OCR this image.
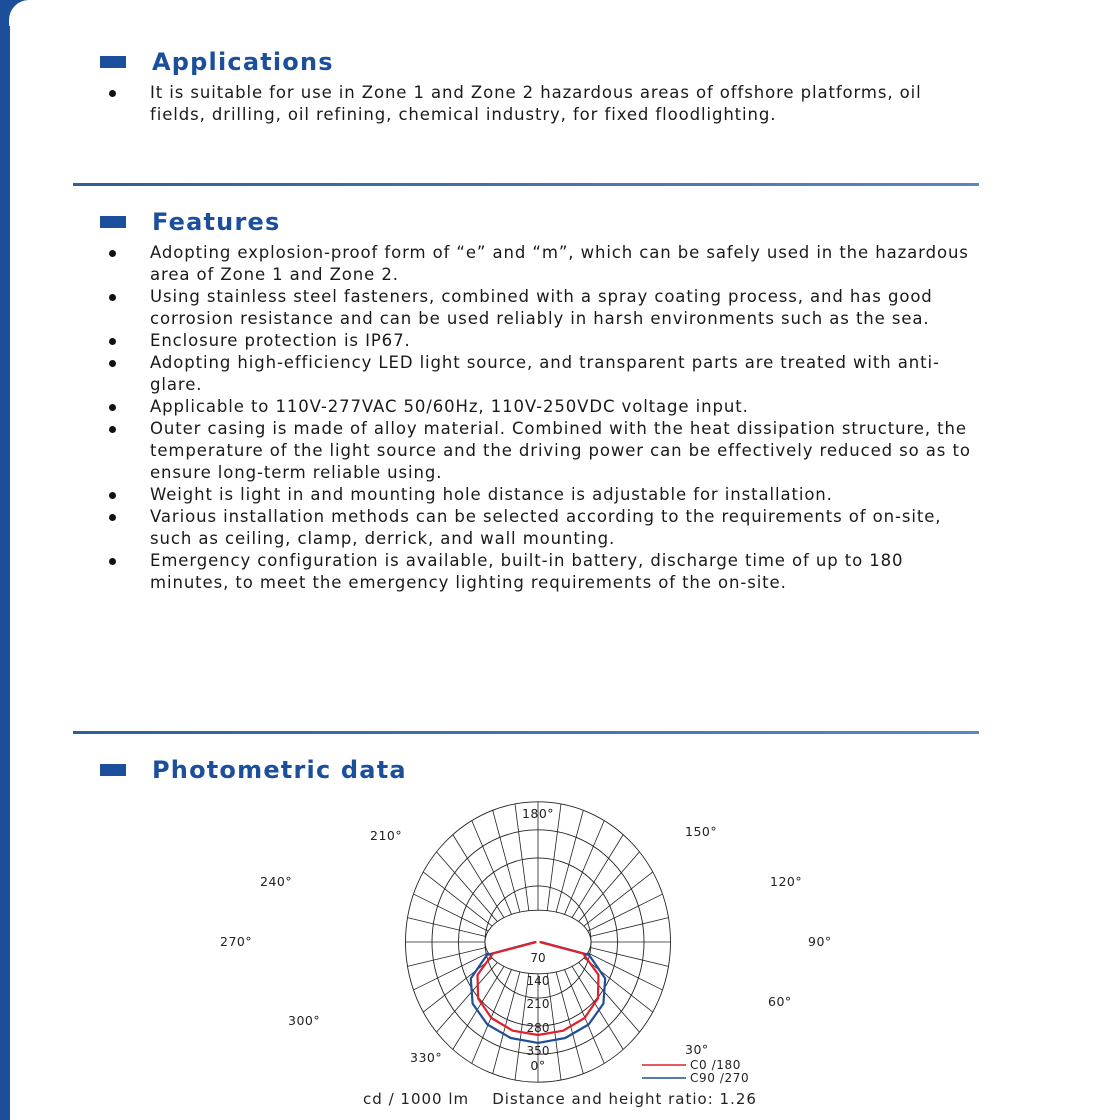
Applications
It is suitable for use in Zone 1 and Zone 2 hazardous areas of offshore platforms, oil fields, drilling, oil refining, chemical industry, for fixed floodlighting.
Features
Adopting explosion-proof form of “e” and “m”, which can be safely used in the hazardous area of Zone 1 and Zone 2.
Using stainless steel fasteners, combined with a spray coating process, and has good corrosion resistance and can be used reliably in harsh environments such as the sea.
Enclosure protection is IP67.
Adopting high-efficiency LED light source, and transparent parts are treated with anti-glare.
Applicable to 110V-277VAC 50/60Hz, 110V-250VDC voltage input.
Outer casing is made of alloy material. Combined with the heat dissipation structure, the temperature of the light source and the driving power can be effectively reduced so as to ensure long-term reliable using.
Weight is light in and mounting hole distance is adjustable for installation.
Various installation methods can be selected according to the requirements of on-site, such as ceiling, clamp, derrick, and wall mounting.
Emergency configuration is available, built-in battery, discharge time of up to 180 minutes, to meet the emergency lighting requirements of the on-site.
Photometric data
70
140
210
280
350
180°
150°
120°
90°
60°
30°
0°
330°
300°
270°
240°
210°
C0 /180
C90 /270
cd / 1000 lm    Distance and height ratio: 1.26
